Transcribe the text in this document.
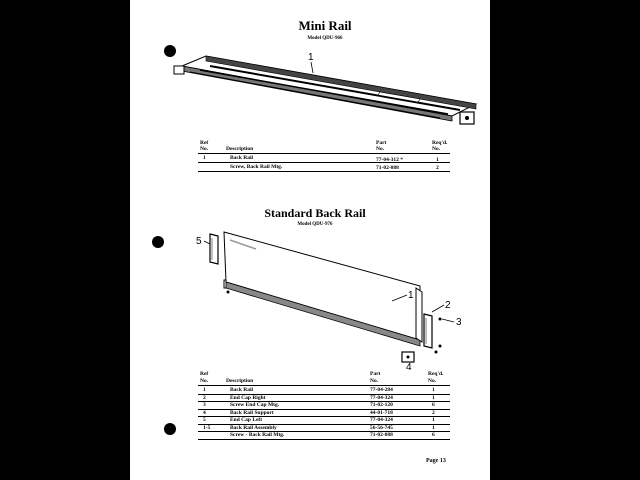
Mini Rail
Model QDU-966
1
Ref
No.	Description
Part
No.
Req'd.
No.
1	Back Rail	77-04-312 *	1
Screw, Back Rail Mtg.	71-02-088	2
Standard Back Rail
Model QDU-976
5
1
2
3
4
Ref
No.	Description
Part
No.
Req'd.
No.
Page 13
1	Back Rail	77-04-284	1
2	End Cap Right	77-04-324	1
3	Screw End Cap Mtg.	71-02-120	6
4	Back Rail Support	44-01-718	2
5	End Cap Left	77-04-324	1
1-5	Back Rail Assembly	56-56-745	1
Screw - Back Rail Mtg.	71-02-088	6
